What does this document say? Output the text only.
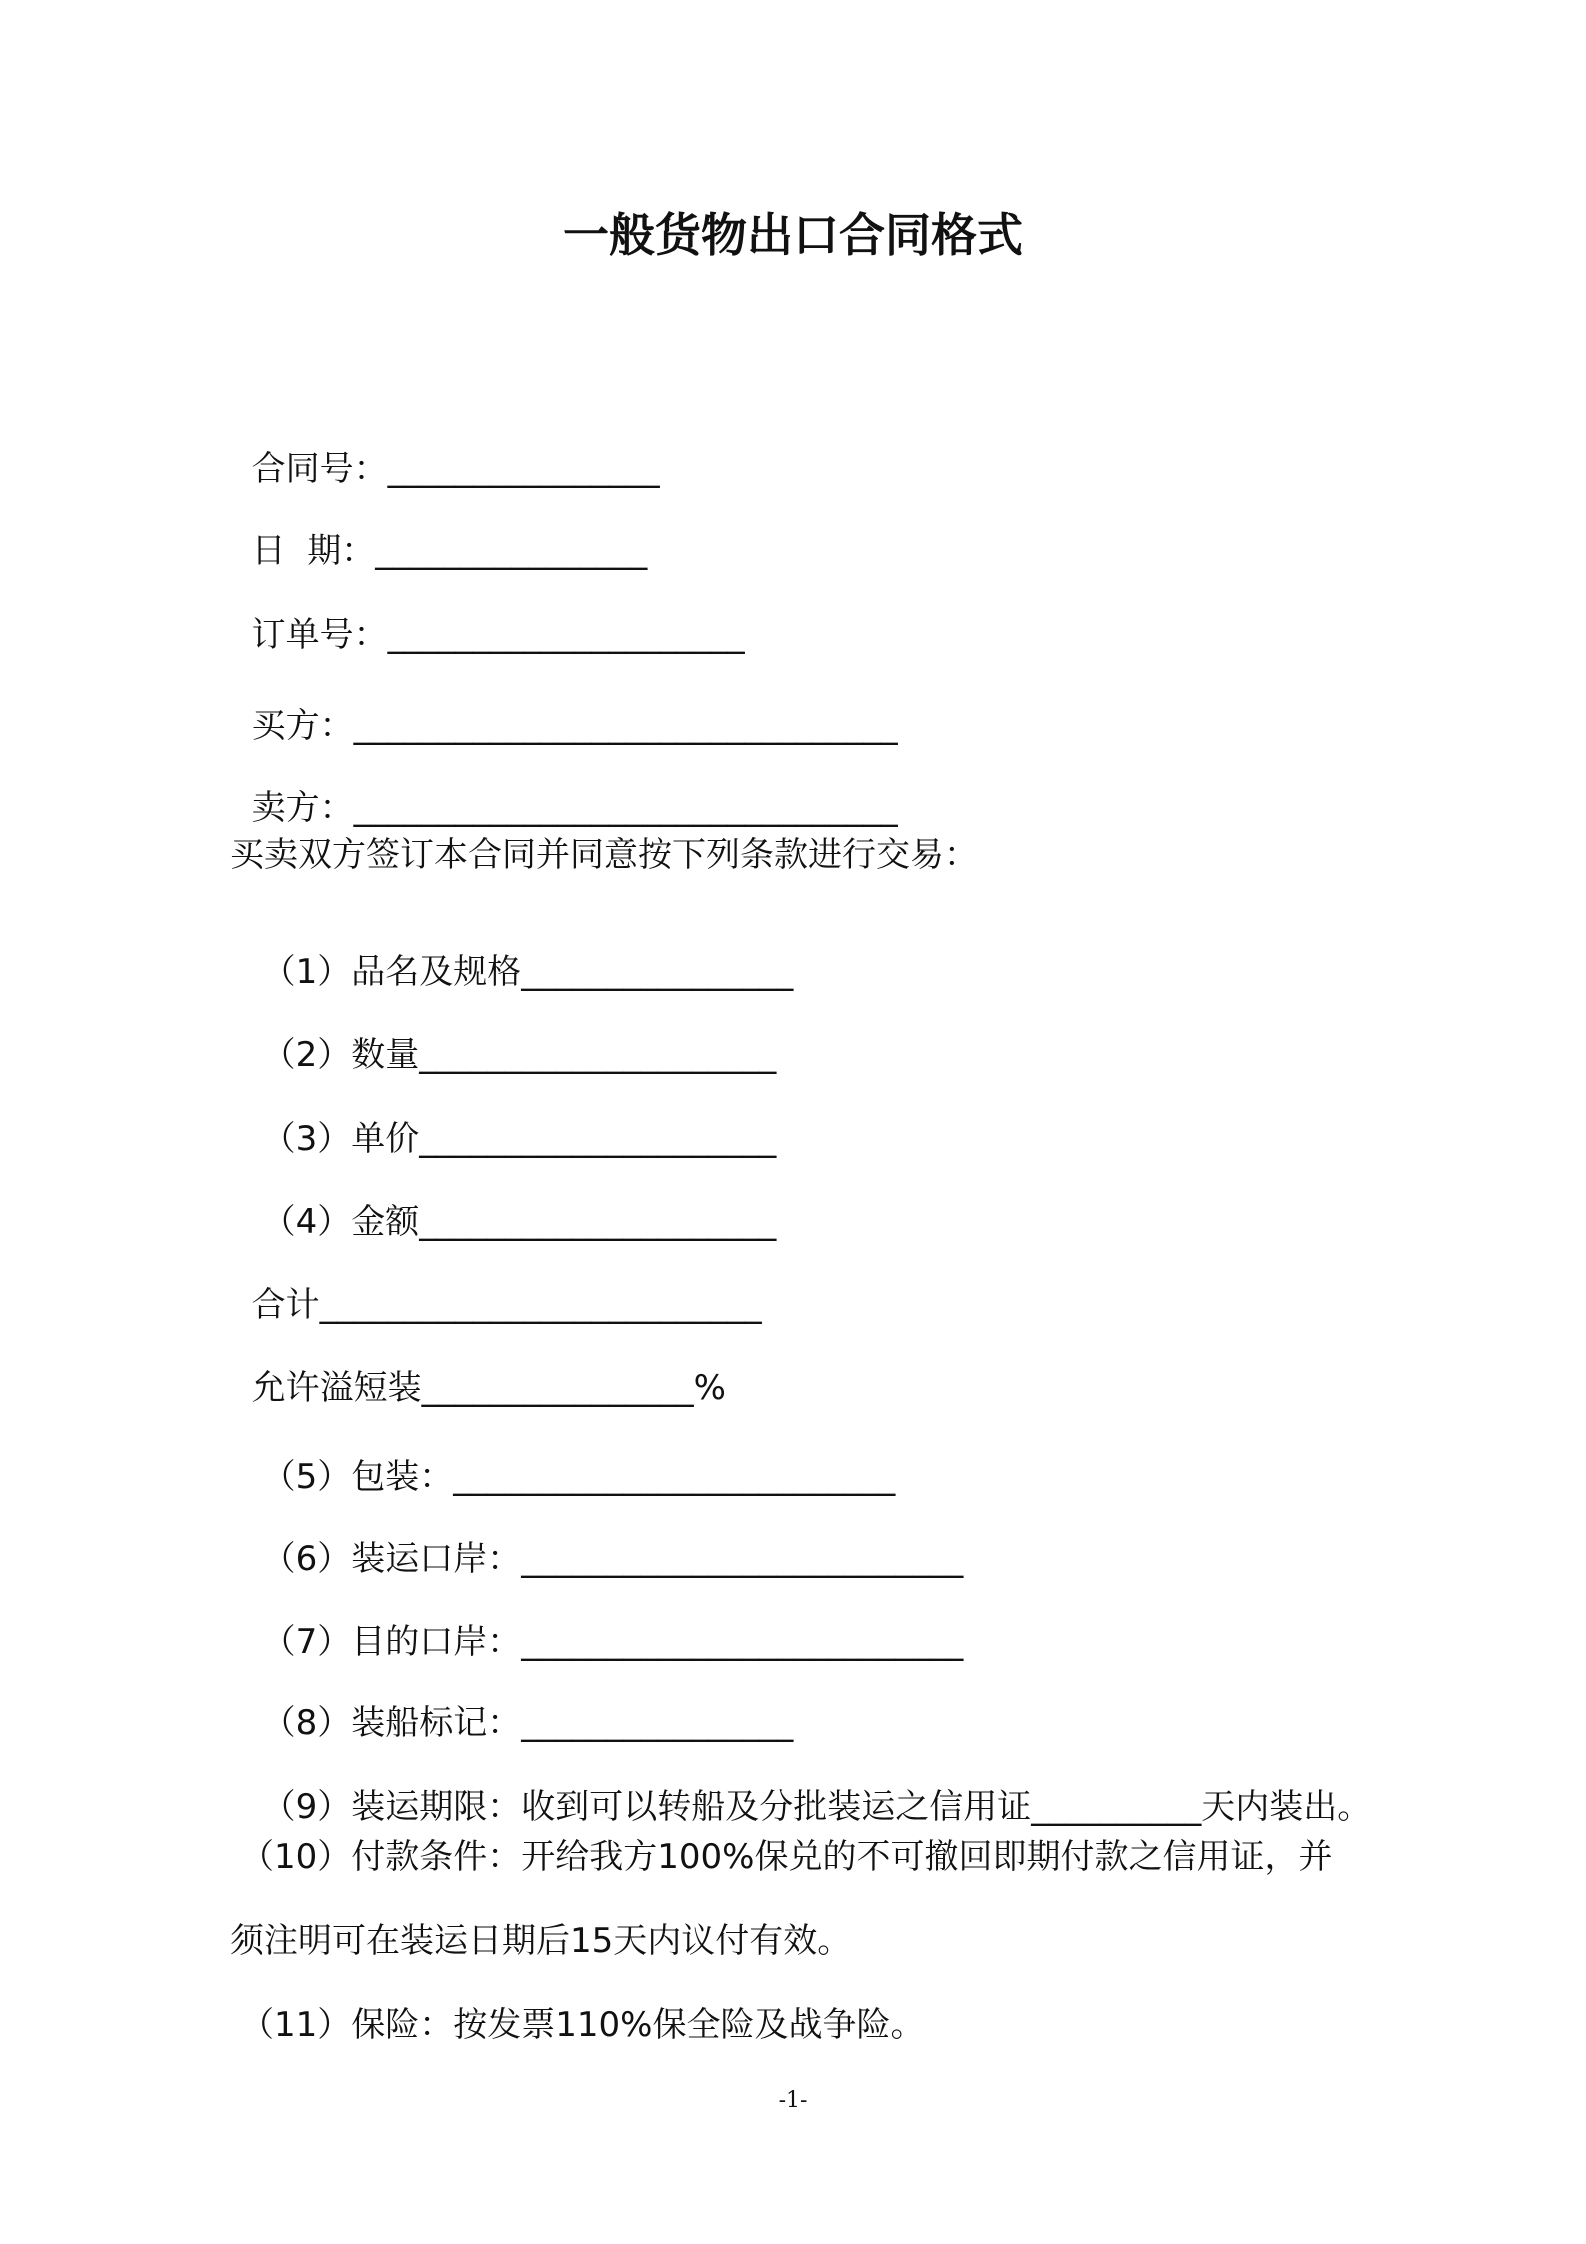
一般货物出口合同格式

合同号：________________

日  期：________________

订单号：_____________________

买方：________________________________

卖方：________________________________

买卖双方签订本合同并同意按下列条款进行交易：

（1）品名及规格________________

（2）数量_____________________

（3）单价_____________________

（4）金额_____________________

合计__________________________

允许溢短装________________%

（5）包装：__________________________

（6）装运口岸：__________________________

（7）目的口岸：__________________________

（8）装船标记：________________

（9）装运期限：收到可以转船及分批装运之信用证__________天内装出。

（10）付款条件：开给我方100%保兑的不可撤回即期付款之信用证，并
须注明可在装运日期后15天内议付有效。
（11）保险：按发票110%保全险及战争险。
-1-
